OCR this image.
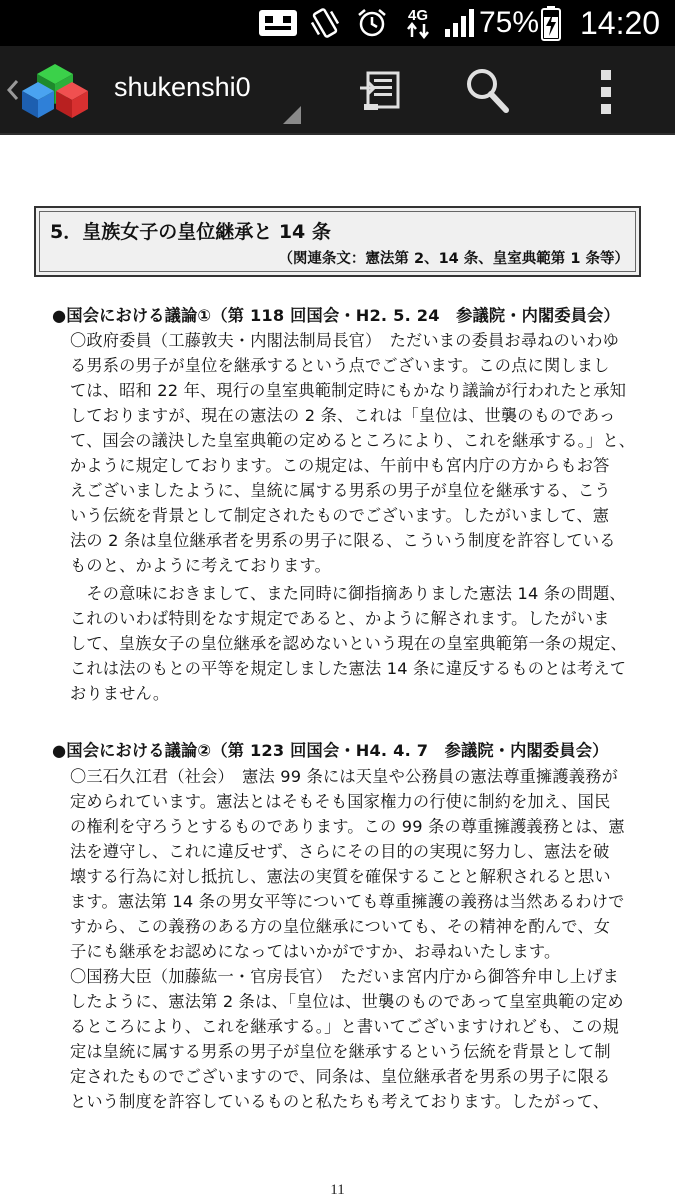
4G 75% 14:20
shukenshi0
5．皇族女子の皇位継承と 14 条
（関連条文：憲法第 2、14 条、皇室典範第 1 条等）
●国会における議論①（第 118 回国会・H2. 5. 24　参議院・内閣委員会）
〇政府委員（工藤敦夫・内閣法制局長官）　ただいまの委員お尋ねのいわゆ
る男系の男子が皇位を継承するという点でございます。この点に関しまし
ては、昭和 22 年、現行の皇室典範制定時にもかなり議論が行われたと承知
しておりますが、現在の憲法の 2 条、これは「皇位は、世襲のものであっ
て、国会の議決した皇室典範の定めるところにより、これを継承する。」と、
かように規定しております。この規定は、午前中も宮内庁の方からもお答
えございましたように、皇統に属する男系の男子が皇位を継承する、こう
いう伝統を背景として制定されたものでございます。したがいまして、憲
法の 2 条は皇位継承者を男系の男子に限る、こういう制度を許容している
ものと、かように考えております。
　その意味におきまして、また同時に御指摘ありました憲法 14 条の問題、
これのいわば特則をなす規定であると、かように解されます。したがいま
して、皇族女子の皇位継承を認めないという現在の皇室典範第一条の規定、
これは法のもとの平等を規定しました憲法 14 条に違反するものとは考えて
おりません。
●国会における議論②（第 123 回国会・H4. 4. 7　参議院・内閣委員会）
〇三石久江君（社会）　憲法 99 条には天皇や公務員の憲法尊重擁護義務が
定められています。憲法とはそもそも国家権力の行使に制約を加え、国民
の権利を守ろうとするものであります。この 99 条の尊重擁護義務とは、憲
法を遵守し、これに違反せず、さらにその目的の実現に努力し、憲法を破
壊する行為に対し抵抗し、憲法の実質を確保することと解釈されると思い
ます。憲法第 14 条の男女平等についても尊重擁護の義務は当然あるわけで
すから、この義務のある方の皇位継承についても、その精神を酌んで、女
子にも継承をお認めになってはいかがですか、お尋ねいたします。
〇国務大臣（加藤紘一・官房長官）　ただいま宮内庁から御答弁申し上げま
したように、憲法第 2 条は、「皇位は、世襲のものであって皇室典範の定め
るところにより、これを継承する。」と書いてございますけれども、この規
定は皇統に属する男系の男子が皇位を継承するという伝統を背景として制
定されたものでございますので、同条は、皇位継承者を男系の男子に限る
という制度を許容しているものと私たちも考えております。したがって、
11
